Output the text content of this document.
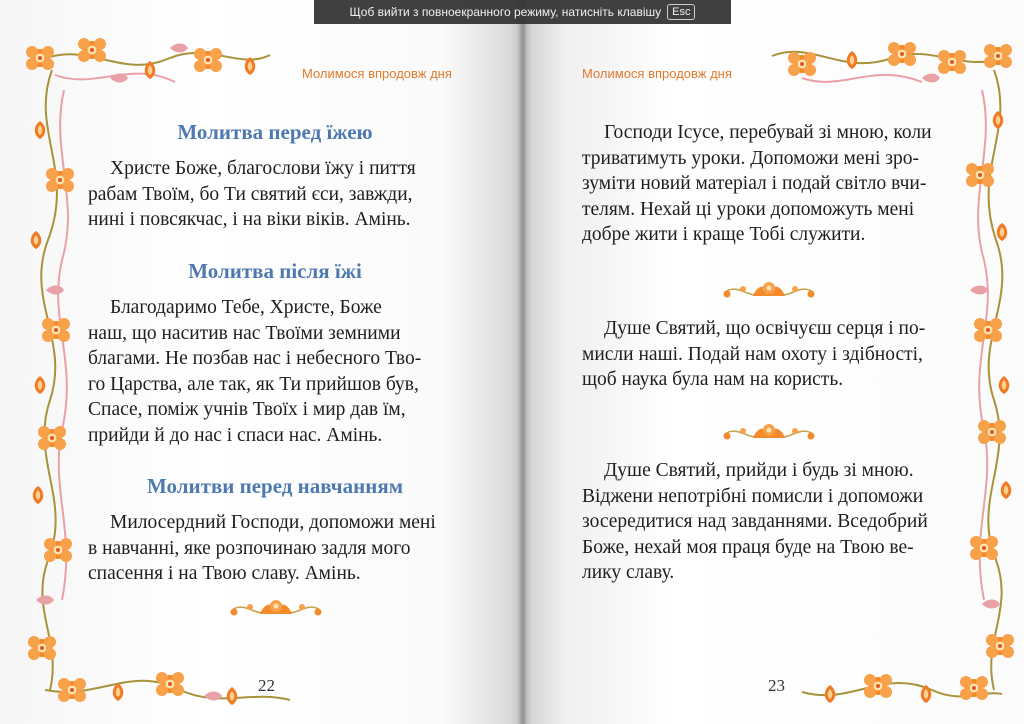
Молимося впродовж дня
Молитва перед їжею
Христе Боже, благослови їжу і пиття
рабам Твоїм, бо Ти святий єси, завжди,
нині і повсякчас, і на віки віків. Амінь.
Молитва після їжі
Благодаримо Тебе, Христе, Боже
наш, що наситив нас Твоїми земними
благами. Не позбав нас і небесного Тво-
го Царства, але так, як Ти прийшов був,
Спасе, поміж учнів Твоїх і мир дав їм,
прийди й до нас і спаси нас. Амінь.
Молитви перед навчанням
Милосердний Господи, допоможи мені
в навчанні, яке розпочинаю задля мого
спасення і на Твою славу. Амінь.
22
Молимося впродовж дня
Господи Ісусе, перебувай зі мною, коли
триватимуть уроки. Допоможи мені зро-
зуміти новий матеріал і подай світло вчи-
телям. Нехай ці уроки допоможуть мені
добре жити і краще Тобі служити.
Душе Святий, що освічуєш серця і по-
мисли наші. Подай нам охоту і здібності,
щоб наука була нам на користь.
Душе Святий, прийди і будь зі мною.
Віджени непотрібні помисли і допоможи
зосередитися над завданнями. Вседобрий
Боже, нехай моя праця буде на Твою ве-
лику славу.
23
Щоб вийти з повноекранного режиму, натисніть клавішу	Esc
